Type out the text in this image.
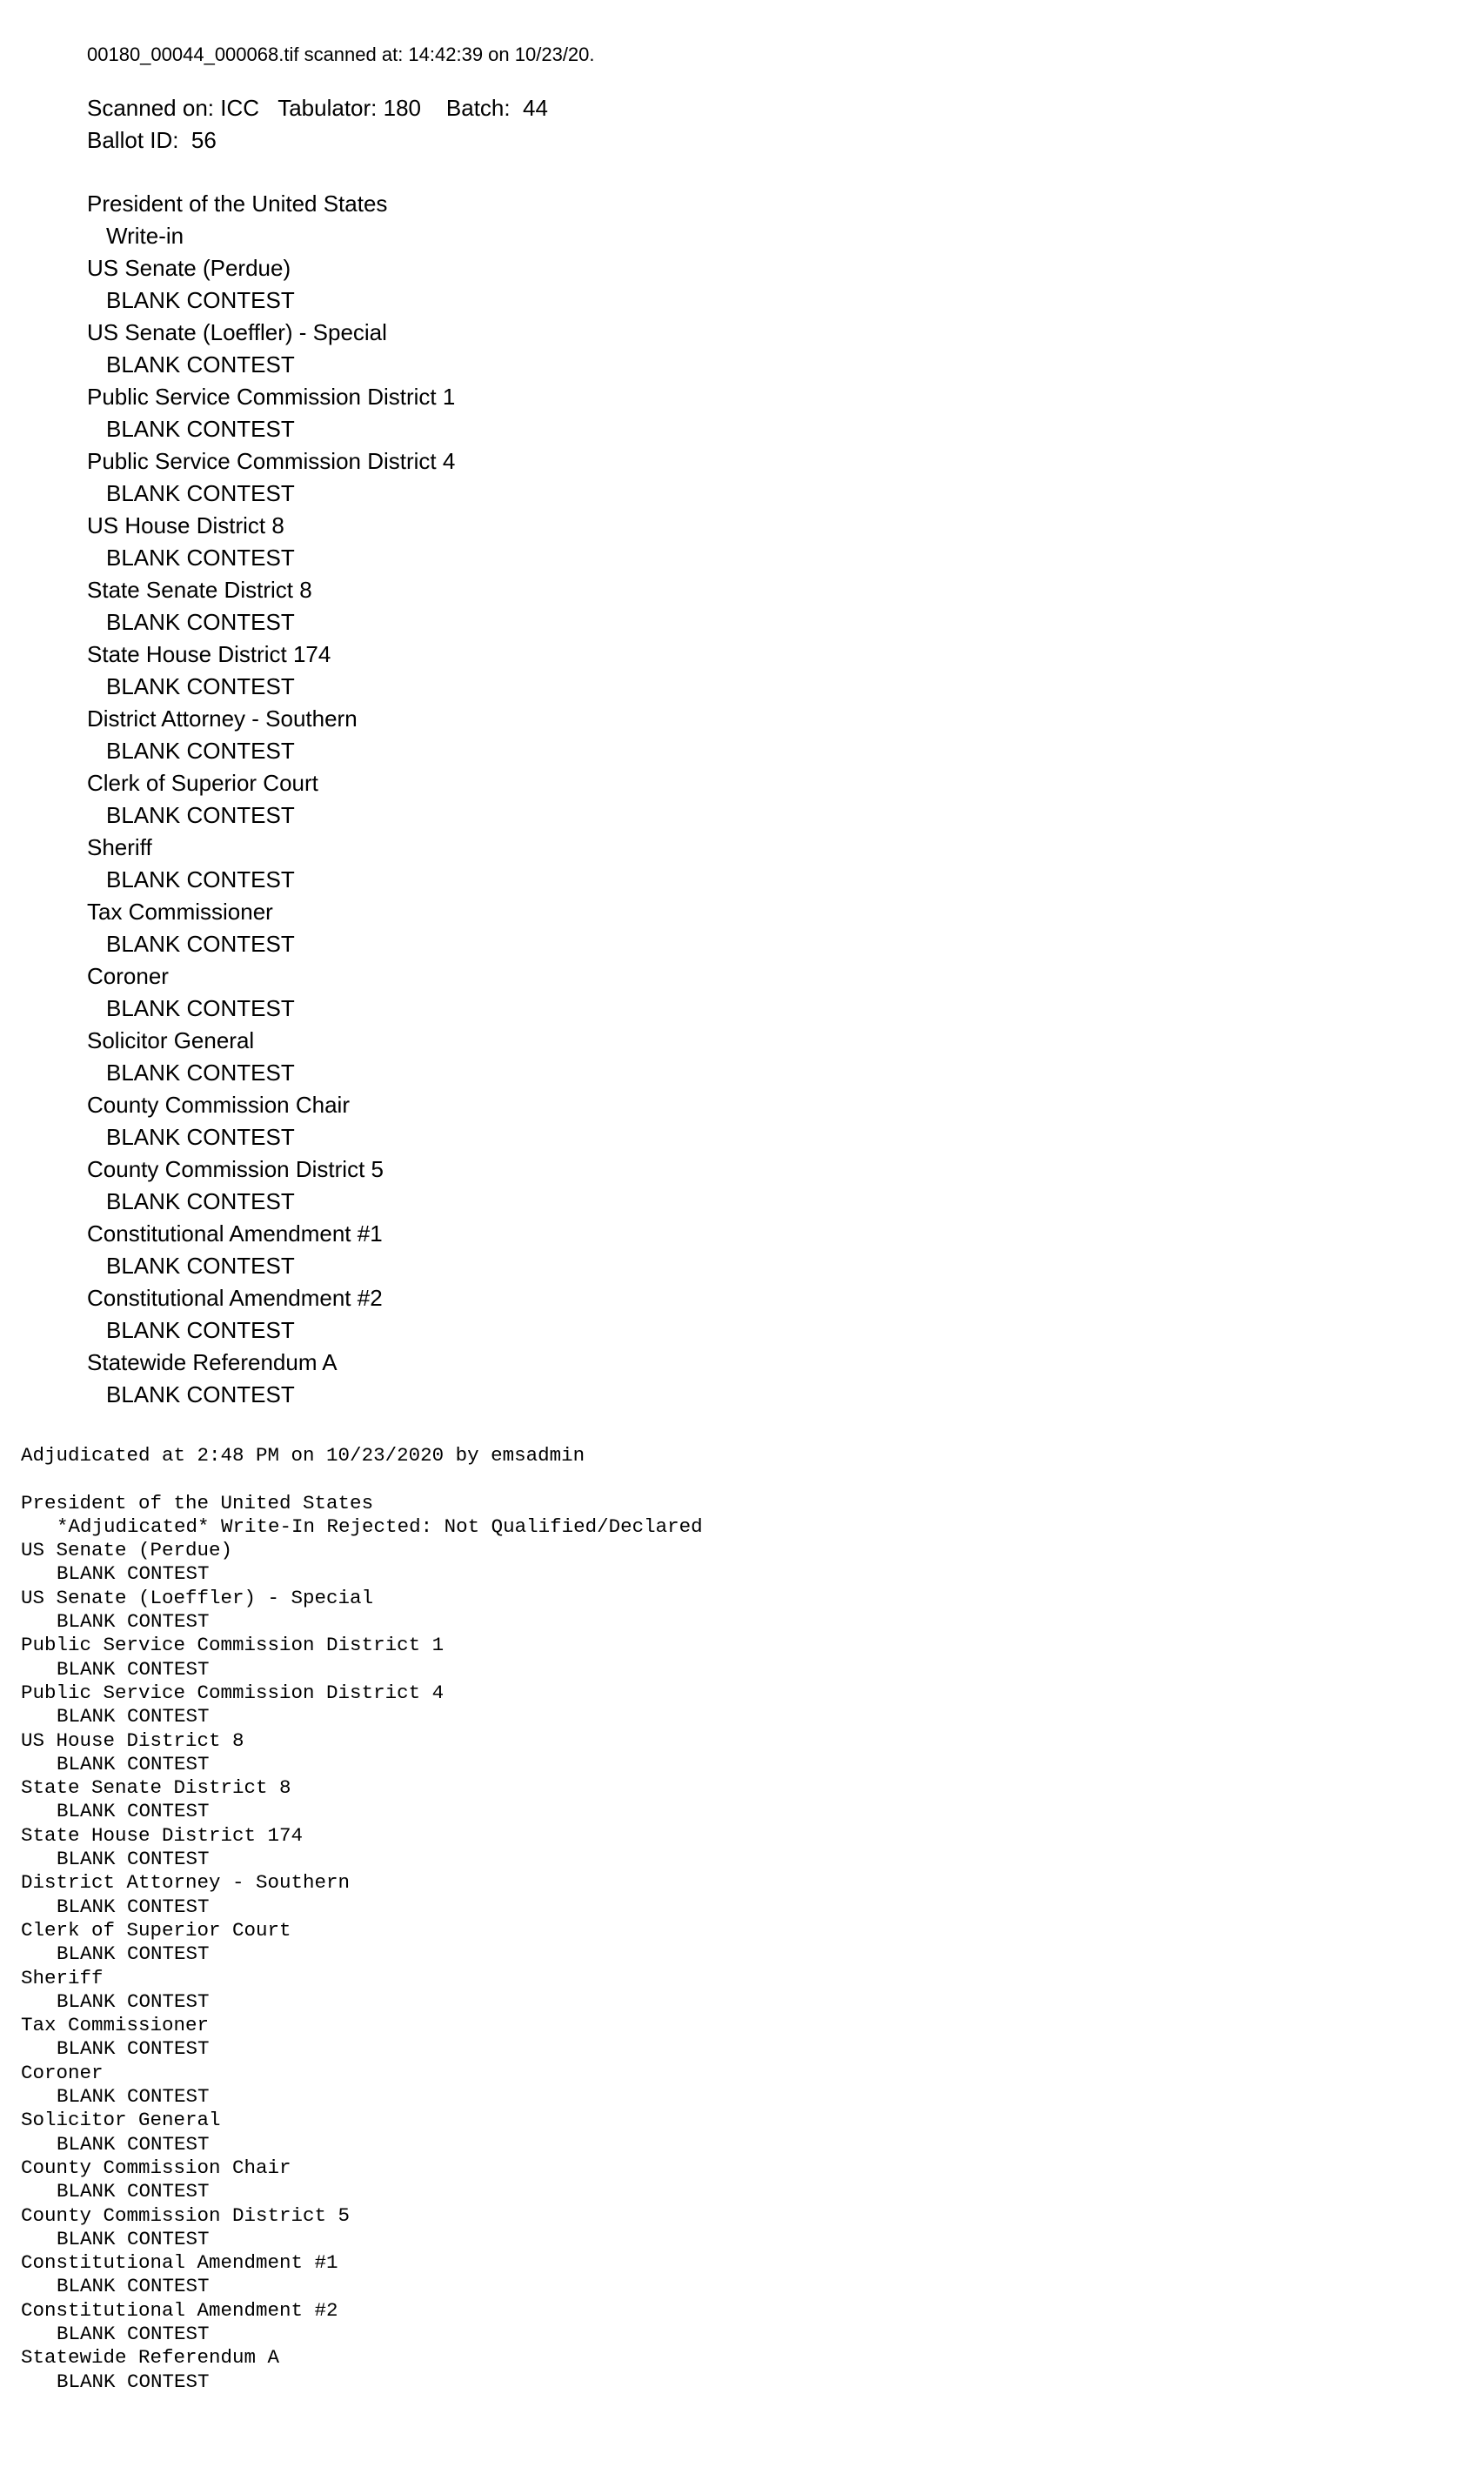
00180_00044_000068.tif scanned at: 14:42:39 on 10/23/20.
Scanned on: ICC   Tabulator: 180    Batch:  44
Ballot ID:  56
President of the United States
Write-in
US Senate (Perdue)
BLANK CONTEST
US Senate (Loeffler) - Special
BLANK CONTEST
Public Service Commission District 1
BLANK CONTEST
Public Service Commission District 4
BLANK CONTEST
US House District 8
BLANK CONTEST
State Senate District 8
BLANK CONTEST
State House District 174
BLANK CONTEST
District Attorney - Southern
BLANK CONTEST
Clerk of Superior Court
BLANK CONTEST
Sheriff
BLANK CONTEST
Tax Commissioner
BLANK CONTEST
Coroner
BLANK CONTEST
Solicitor General
BLANK CONTEST
County Commission Chair
BLANK CONTEST
County Commission District 5
BLANK CONTEST
Constitutional Amendment #1
BLANK CONTEST
Constitutional Amendment #2
BLANK CONTEST
Statewide Referendum A
BLANK CONTEST
Adjudicated at 2:48 PM on 10/23/2020 by emsadmin
President of the United States
*Adjudicated* Write-In Rejected: Not Qualified/Declared
US Senate (Perdue)
BLANK CONTEST
US Senate (Loeffler) - Special
BLANK CONTEST
Public Service Commission District 1
BLANK CONTEST
Public Service Commission District 4
BLANK CONTEST
US House District 8
BLANK CONTEST
State Senate District 8
BLANK CONTEST
State House District 174
BLANK CONTEST
District Attorney - Southern
BLANK CONTEST
Clerk of Superior Court
BLANK CONTEST
Sheriff
BLANK CONTEST
Tax Commissioner
BLANK CONTEST
Coroner
BLANK CONTEST
Solicitor General
BLANK CONTEST
County Commission Chair
BLANK CONTEST
County Commission District 5
BLANK CONTEST
Constitutional Amendment #1
BLANK CONTEST
Constitutional Amendment #2
BLANK CONTEST
Statewide Referendum A
BLANK CONTEST
